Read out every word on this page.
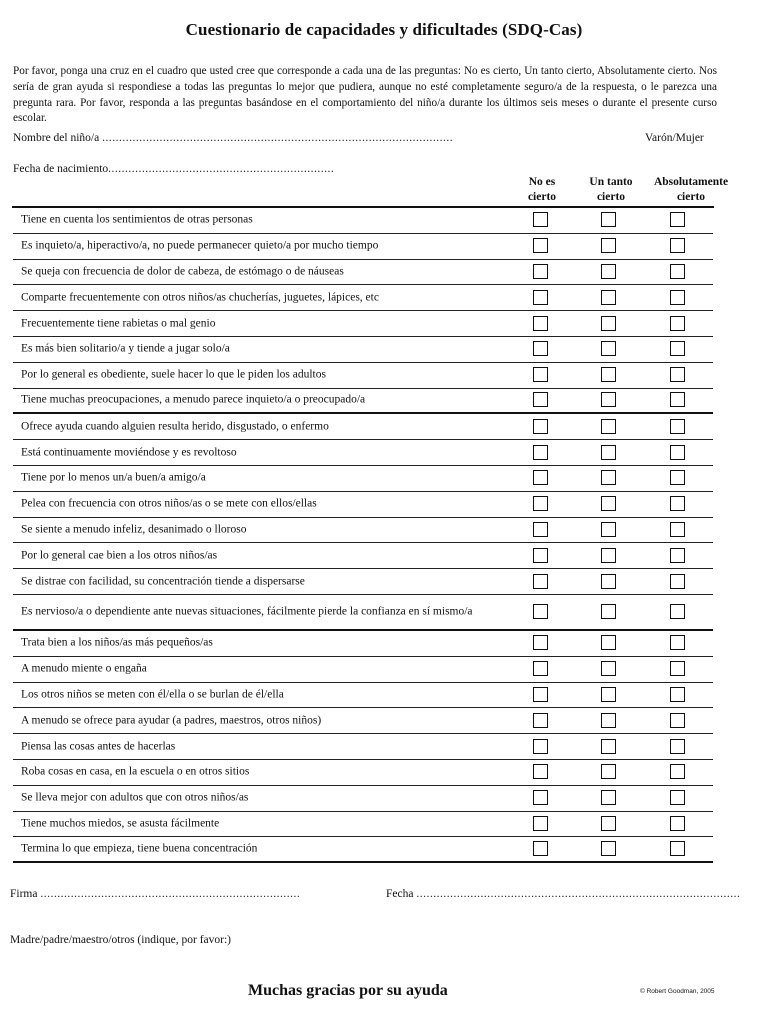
Cuestionario de capacidades y dificultades (SDQ-Cas)
Por favor, ponga una cruz en el cuadro que usted cree que corresponde a cada una de las preguntas: No es cierto, Un tanto cierto, Absolutamente cierto. Nos sería de gran ayuda si respondiese a todas las preguntas lo mejor que pudiera, aunque no esté completamente seguro/a de la respuesta, o le parezca una pregunta rara. Por favor, responda a las preguntas basándose en el comportamiento del niño/a durante los últimos seis meses o durante el presente curso escolar.
Nombre del niño/a ........................................................................................................	Varón/Mujer
Fecha de nacimiento...................................................................
No es
cierto
Un tanto
cierto
Absolutamente
cierto
Tiene en cuenta los sentimientos de otras personas
Es inquieto/a, hiperactivo/a, no puede permanecer quieto/a por mucho tiempo
Se queja con frecuencia de dolor de cabeza, de estómago o de náuseas
Comparte frecuentemente con otros niños/as chucherías, juguetes, lápices, etc
Frecuentemente tiene rabietas o mal genio
Es más bien solitario/a y tiende a jugar solo/a
Por lo general es obediente, suele hacer lo que le piden los adultos
Tiene muchas preocupaciones, a menudo parece inquieto/a o preocupado/a
Ofrece ayuda cuando alguien resulta herido, disgustado, o enfermo
Está continuamente moviéndose y es revoltoso
Tiene por lo menos un/a buen/a amigo/a
Pelea con frecuencia con otros niños/as o se mete con ellos/ellas
Se siente a menudo infeliz, desanimado o lloroso
Por lo general cae bien a los otros niños/as
Se distrae con facilidad, su concentración tiende a dispersarse
Es nervioso/a o dependiente ante nuevas situaciones, fácilmente pierde la confianza en sí mismo/a
Trata bien a los niños/as más pequeños/as
A menudo miente o engaña
Los otros niños se meten con él/ella o se burlan de él/ella
A menudo se ofrece para ayudar (a padres, maestros, otros niños)
Piensa las cosas antes de hacerlas
Roba cosas en casa, en la escuela o en otros sitios
Se lleva mejor con adultos que con otros niños/as
Tiene muchos miedos, se asusta fácilmente
Termina lo que empieza, tiene buena concentración
Firma .............................................................................	Fecha ................................................................................................
Madre/padre/maestro/otros (indique, por favor:)
Muchas gracias por su ayuda	© Robert Goodman, 2005
